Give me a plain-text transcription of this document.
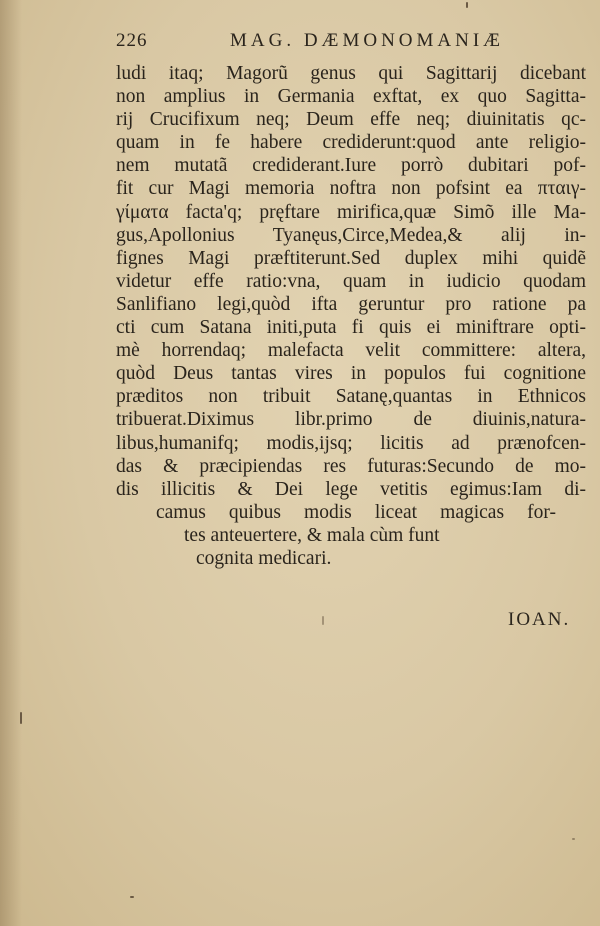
226	MAG. DÆMONOMANIÆ
ludi itaq; Magorũ genus qui Sagittarij dicebant
non amplius in Germania exftat, ex quo Sagitta-
rij Crucifixum neq; Deum effe neq; diuinitatis qc-
quam in fe habere crediderunt:quod ante religio-
nem mutatã crediderant.Iure porrò dubitari pof-
fit cur Magi memoria noftra non pofsint ea πταιγ-
γίματα facta'q; pręftare mirifica,quæ Simõ ille Ma-
gus,Apollonius Tyanęus,Circe,Medea,& alij in-
fignes Magi præftiterunt.Sed duplex mihi quidẽ
videtur effe ratio:vna, quam in iudicio quodam
Sanlifiano legi,quòd ifta geruntur pro ratione pa
cti cum Satana initi,puta fi quis ei miniftrare opti-
mè horrendaq; malefacta velit committere: altera,
quòd Deus tantas vires in populos fui cognitione
præditos non tribuit Satanę,quantas in Ethnicos
tribuerat.Diximus libr.primo de diuinis,natura-
libus,humanifq; modis,ijsq; licitis ad prænofcen-
das & præcipiendas res futuras:Secundo de mo-
dis illicitis & Dei lege vetitis egimus:Iam di-
camus quibus modis liceat magicas for-
tes anteuertere, & mala cùm funt
cognita medicari.
IOAN.
